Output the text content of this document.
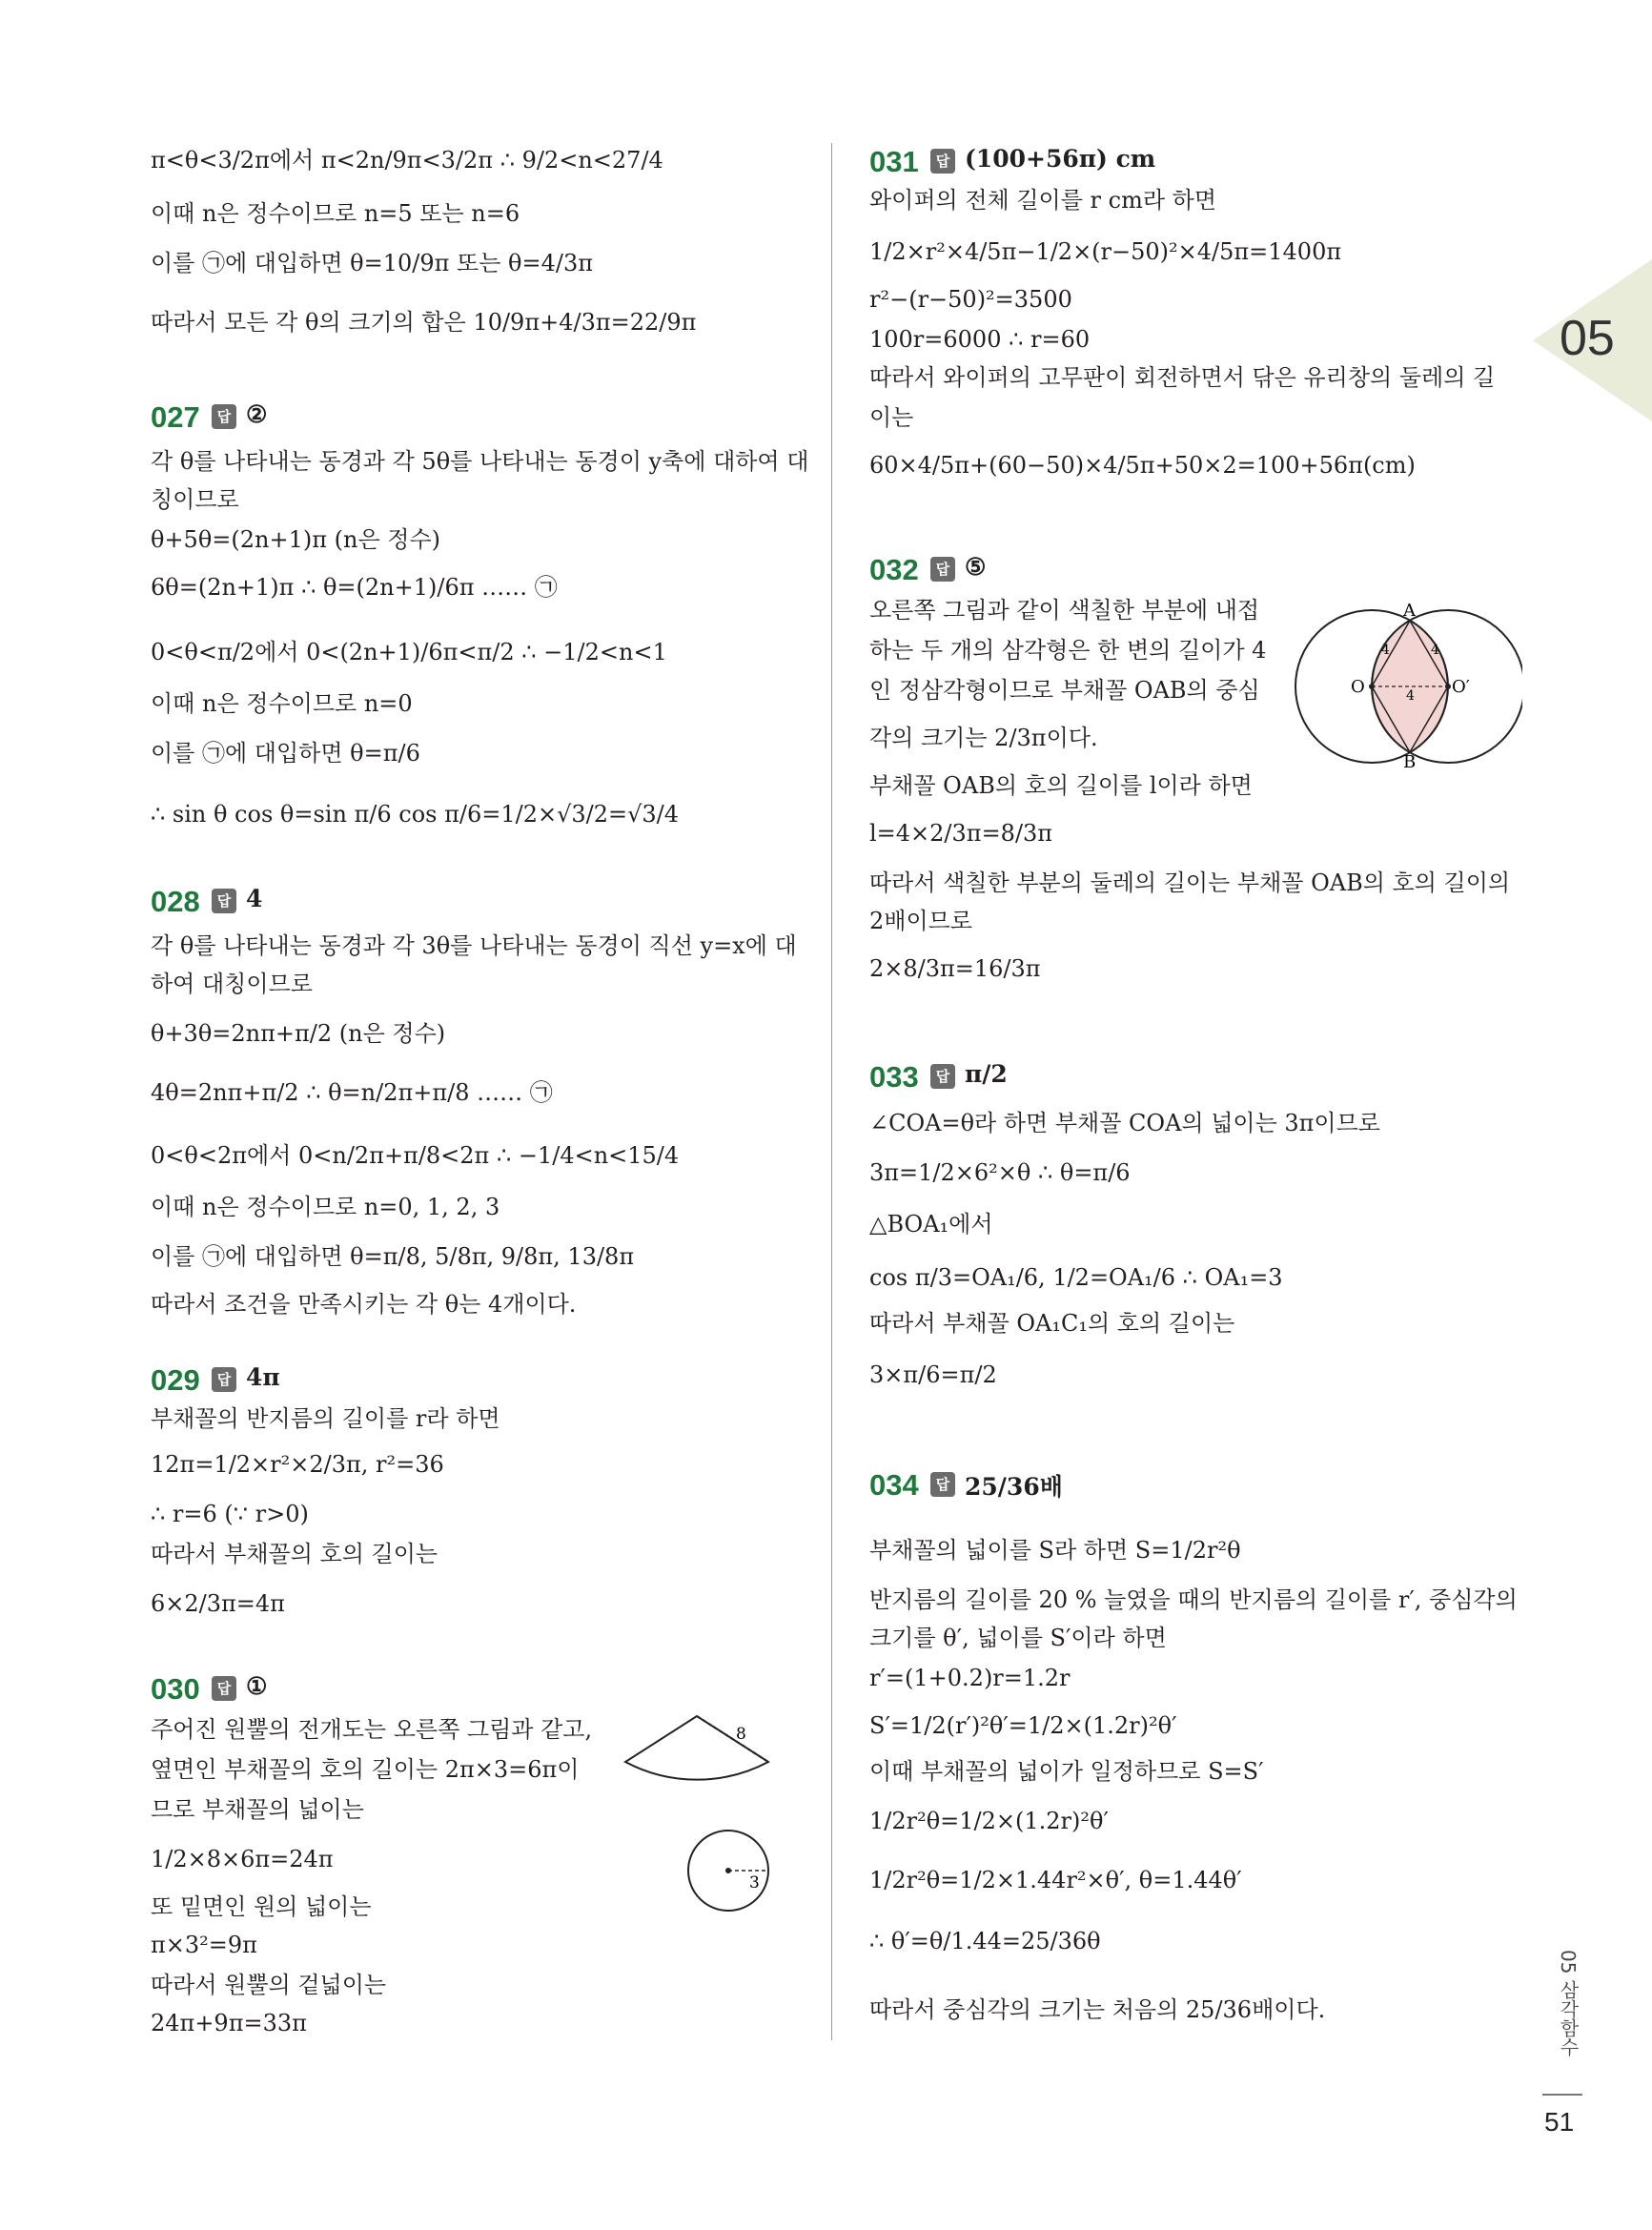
05
π<θ<3/2π에서 π<2n/9π<3/2π ∴ 9/2<n<27/4
이때 n은 정수이므로 n=5 또는 n=6
이를 ㉠에 대입하면 θ=10/9π 또는 θ=4/3π
따라서 모든 각 θ의 크기의 합은 10/9π+4/3π=22/9π
027	답 ②
각 θ를 나타내는 동경과 각 5θ를 나타내는 동경이 y축에 대하여 대
칭이므로
θ+5θ=(2n+1)π (n은 정수)
6θ=(2n+1)π ∴ θ=(2n+1)/6π …… ㉠
0<θ<π/2에서 0<(2n+1)/6π<π/2 ∴ −1/2<n<1
이때 n은 정수이므로 n=0
이를 ㉠에 대입하면 θ=π/6
∴ sin θ cos θ=sin π/6 cos π/6=1/2×√3/2=√3/4
028	답 4
각 θ를 나타내는 동경과 각 3θ를 나타내는 동경이 직선 y=x에 대
하여 대칭이므로
θ+3θ=2nπ+π/2 (n은 정수)
4θ=2nπ+π/2 ∴ θ=n/2π+π/8 …… ㉠
0<θ<2π에서 0<n/2π+π/8<2π ∴ −1/4<n<15/4
이때 n은 정수이므로 n=0, 1, 2, 3
이를 ㉠에 대입하면 θ=π/8, 5/8π, 9/8π, 13/8π
따라서 조건을 만족시키는 각 θ는 4개이다.
029	답 4π
부채꼴의 반지름의 길이를 r라 하면
12π=1/2×r²×2/3π, r²=36
∴ r=6 (∵ r>0)
따라서 부채꼴의 호의 길이는
6×2/3π=4π
030	답 ①
주어진 원뿔의 전개도는 오른쪽 그림과 같고,
옆면인 부채꼴의 호의 길이는 2π×3=6π이
므로 부채꼴의 넓이는
1/2×8×6π=24π
또 밑면인 원의 넓이는
π×3²=9π
따라서 원뿔의 겉넓이는
24π+9π=33π
8
3
031	답 (100+56π) cm
와이퍼의 전체 길이를 r cm라 하면
1/2×r²×4/5π−1/2×(r−50)²×4/5π=1400π
r²−(r−50)²=3500
100r=6000 ∴ r=60
따라서 와이퍼의 고무판이 회전하면서 닦은 유리창의 둘레의 길
이는
60×4/5π+(60−50)×4/5π+50×2=100+56π(cm)
032	답 ⑤
오른쪽 그림과 같이 색칠한 부분에 내접
하는 두 개의 삼각형은 한 변의 길이가 4
인 정삼각형이므로 부채꼴 OAB의 중심
각의 크기는 2/3π이다.
부채꼴 OAB의 호의 길이를 l이라 하면
l=4×2/3π=8/3π
따라서 색칠한 부분의 둘레의 길이는 부채꼴 OAB의 호의 길이의
2배이므로
2×8/3π=16/3π
A
B
O	O′
4	4
4
033	답 π/2
∠COA=θ라 하면 부채꼴 COA의 넓이는 3π이므로
3π=1/2×6²×θ ∴ θ=π/6
△BOA₁에서
cos π/3=OA₁/6, 1/2=OA₁/6 ∴ OA₁=3
따라서 부채꼴 OA₁C₁의 호의 길이는
3×π/6=π/2
034	답 25/36배
부채꼴의 넓이를 S라 하면 S=1/2r²θ
반지름의 길이를 20 % 늘였을 때의 반지름의 길이를 r′, 중심각의
크기를 θ′, 넓이를 S′이라 하면
r′=(1+0.2)r=1.2r
S′=1/2(r′)²θ′=1/2×(1.2r)²θ′
이때 부채꼴의 넓이가 일정하므로 S=S′
1/2r²θ=1/2×(1.2r)²θ′
1/2r²θ=1/2×1.44r²×θ′, θ=1.44θ′
∴ θ′=θ/1.44=25/36θ
따라서 중심각의 크기는 처음의 25/36배이다.	05 삼각함수
51
